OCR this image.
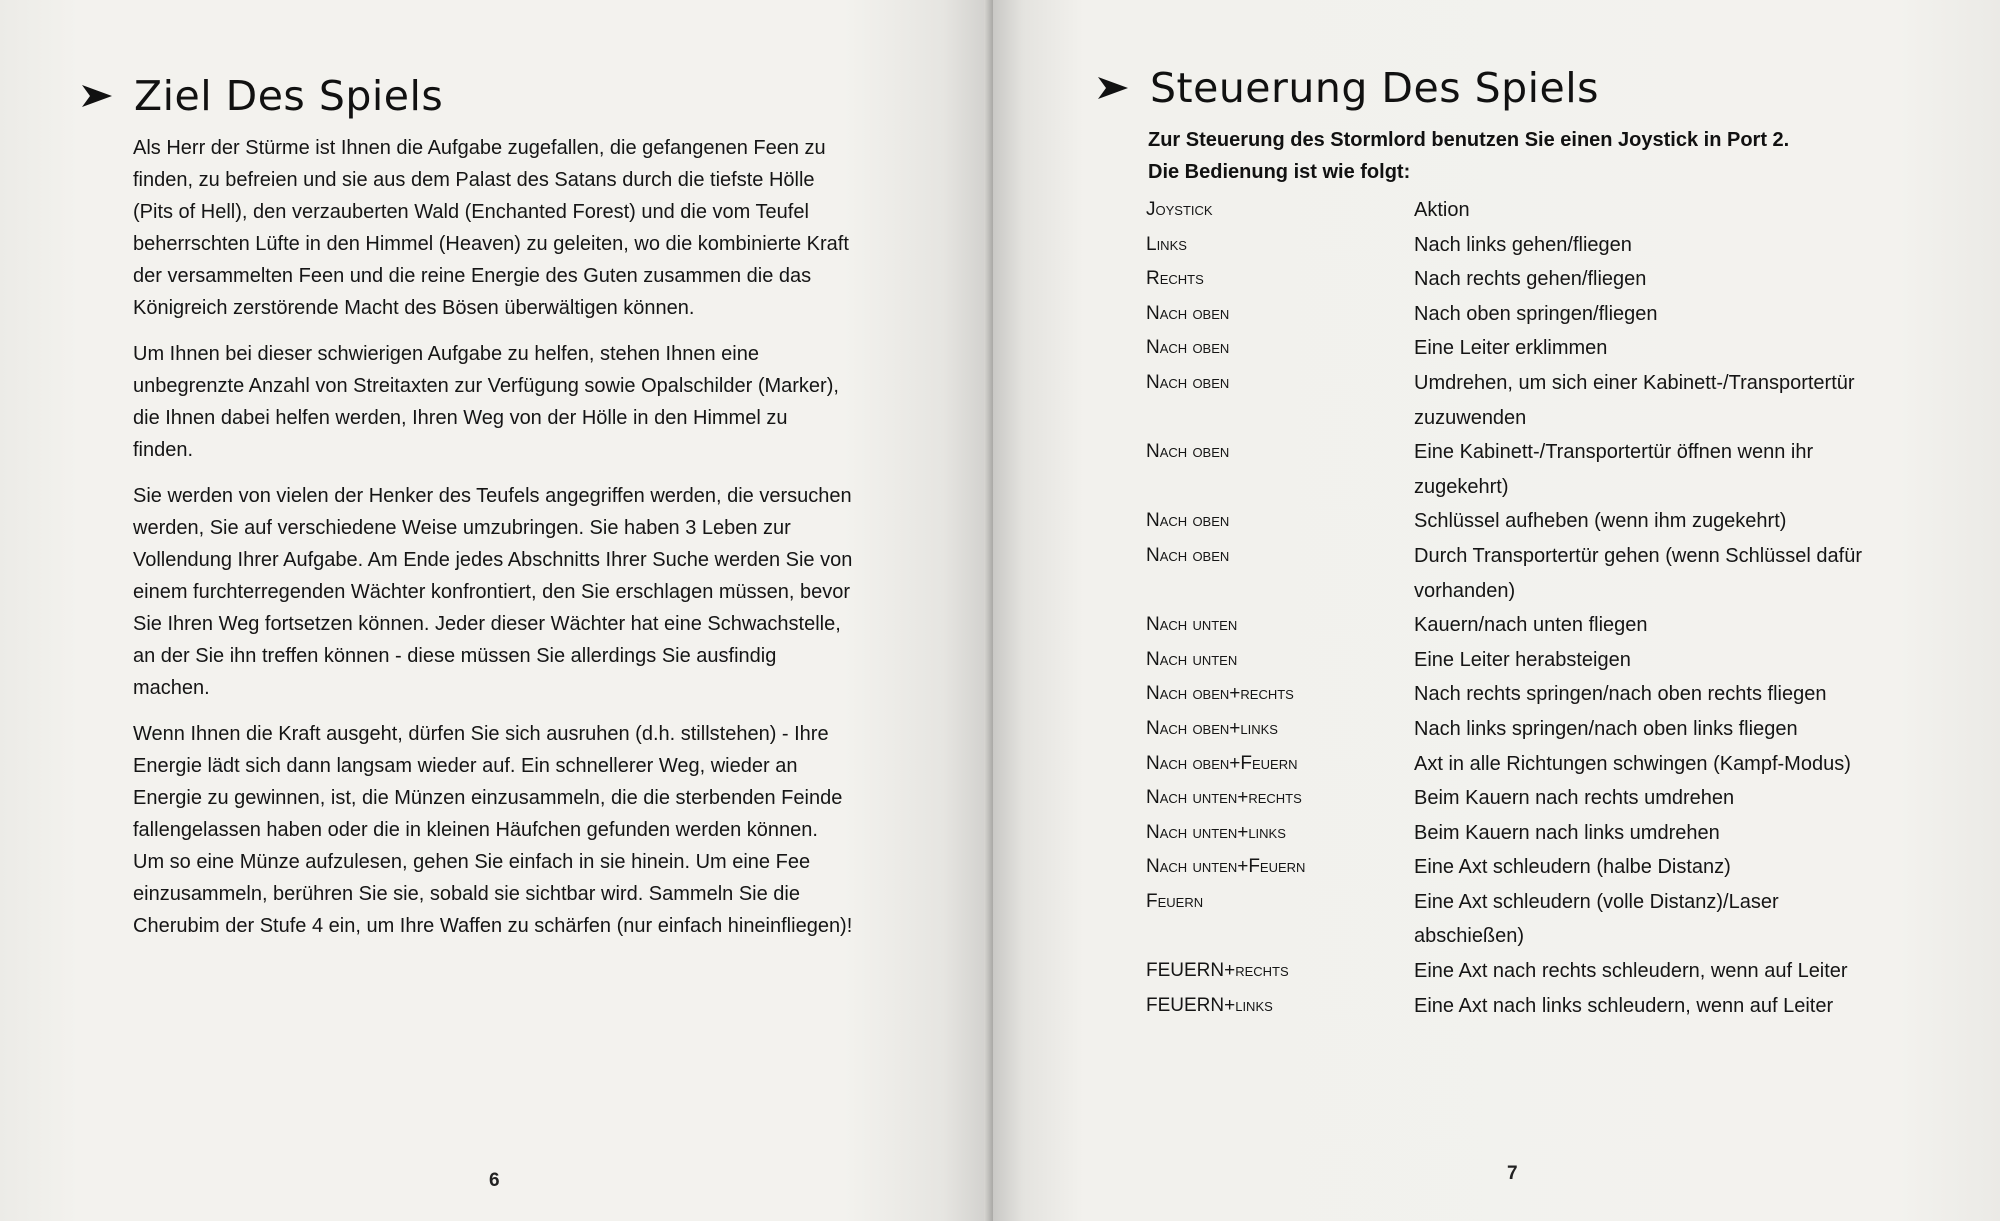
Ziel Des Spiels

Als Herr der Stürme ist Ihnen die Aufgabe zugefallen, die gefangenen Feen zu finden, zu befreien und sie aus dem Palast des Satans durch die tiefste Hölle (Pits of Hell), den verzauberten Wald (Enchanted Forest) und die vom Teufel beherrschten Lüfte in den Himmel (Heaven) zu geleiten, wo die kombinierte Kraft der versammelten Feen und die reine Energie des Guten zusammen die das Königreich zerstörende Macht des Bösen überwältigen können.

Um Ihnen bei dieser schwierigen Aufgabe zu helfen, stehen Ihnen eine unbegrenzte Anzahl von Streitaxten zur Verfügung sowie Opalschilder (Marker), die Ihnen dabei helfen werden, Ihren Weg von der Hölle in den Himmel zu finden.

Sie werden von vielen der Henker des Teufels angegriffen werden, die versuchen werden, Sie auf verschiedene Weise umzubringen. Sie haben 3 Leben zur Vollendung Ihrer Aufgabe. Am Ende jedes Abschnitts Ihrer Suche werden Sie von einem furchterregenden Wächter konfrontiert, den Sie erschlagen müssen, bevor Sie Ihren Weg fortsetzen können. Jeder dieser Wächter hat eine Schwachstelle, an der Sie ihn treffen können - diese müssen Sie allerdings Sie ausfindig machen.

Wenn Ihnen die Kraft ausgeht, dürfen Sie sich ausruhen (d.h. stillstehen) - Ihre Energie lädt sich dann langsam wieder auf. Ein schnellerer Weg, wieder an Energie zu gewinnen, ist, die Münzen einzusammeln, die die sterbenden Feinde fallengelassen haben oder die in kleinen Häufchen gefunden werden können. Um so eine Münze aufzulesen, gehen Sie einfach in sie hinein. Um eine Fee einzusammeln, berühren Sie sie, sobald sie sichtbar wird. Sammeln Sie die Cherubim der Stufe 4 ein, um Ihre Waffen zu schärfen (nur einfach hineinfliegen)!

6
Steuerung Des Spiels
7
Zur Steuerung des Stormlord benutzen Sie einen Joystick in Port 2.
Die Bedienung ist wie folgt:
Joystick	Aktion
Links	Nach links gehen/fliegen
Rechts	Nach rechts gehen/fliegen
Nach oben	Nach oben springen/fliegen
Nach oben	Eine Leiter erklimmen
Nach oben	Umdrehen, um sich einer Kabinett-/Transportertür zuzuwenden
Nach oben	Eine Kabinett-/Transportertür öffnen wenn ihr zugekehrt)
Nach oben	Schlüssel aufheben (wenn ihm zugekehrt)
Nach oben	Durch Transportertür gehen (wenn Schlüssel dafür vorhanden)
Nach unten	Kauern/nach unten fliegen
Nach unten	Eine Leiter herabsteigen
Nach oben+rechts	Nach rechts springen/nach oben rechts fliegen
Nach oben+links	Nach links springen/nach oben links fliegen
Nach oben+Feuern	Axt in alle Richtungen schwingen (Kampf-Modus)
Nach unten+rechts	Beim Kauern nach rechts umdrehen
Nach unten+links	Beim Kauern nach links umdrehen
Nach unten+Feuern	Eine Axt schleudern (halbe Distanz)
Feuern	Eine Axt schleudern (volle Distanz)/Laser abschießen)
FEUERN+rechts	Eine Axt nach rechts schleudern, wenn auf Leiter
FEUERN+links	Eine Axt nach links schleudern, wenn auf Leiter
